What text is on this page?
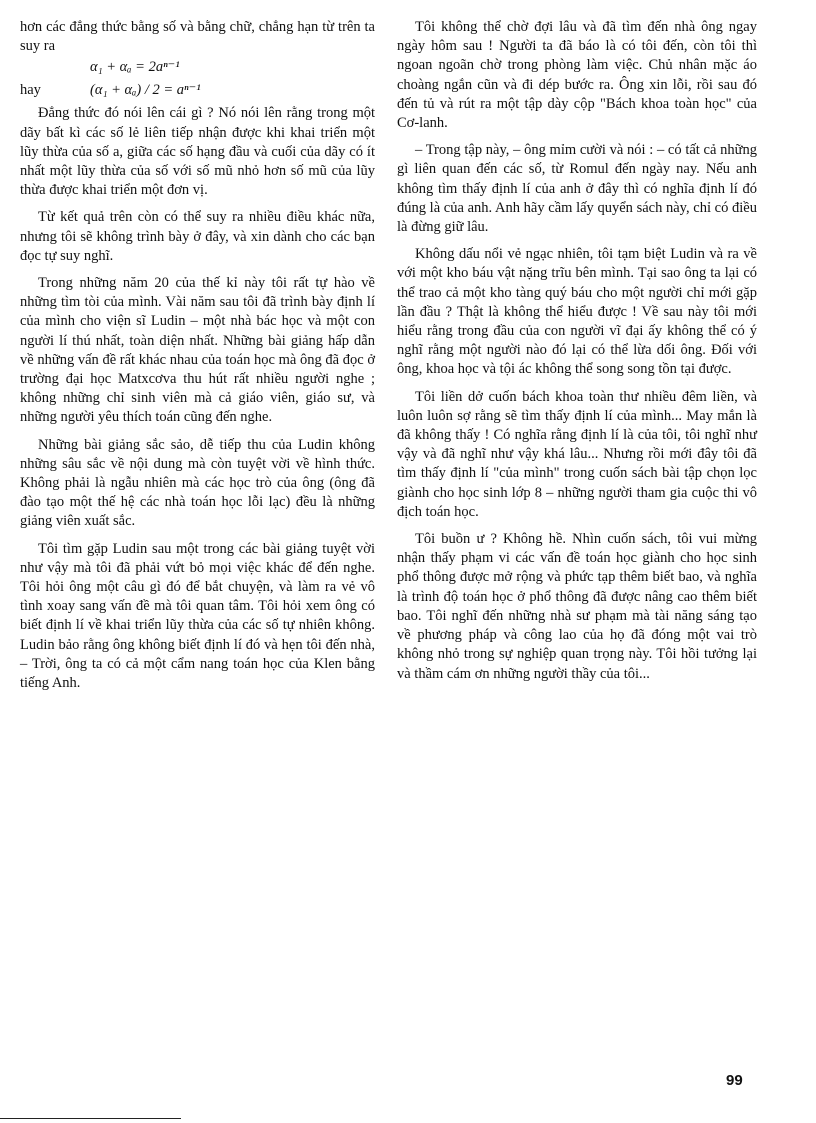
hơn các đẳng thức bằng số và bằng chữ, chẳng hạn từ trên ta suy ra

α₁ + αₐ = 2aⁿ⁻¹
hay	(α₁ + αₐ) / 2 = aⁿ⁻¹

Đẳng thức đó nói lên cái gì ? Nó nói lên rằng trong một dãy bất kì các số lẻ liên tiếp nhận được khi khai triển một lũy thừa của số a, giữa các số hạng đầu và cuối của dãy có ít nhất một lũy thừa của số với số mũ nhỏ hơn số mũ của lũy thừa được khai triển một đơn vị.

Từ kết quả trên còn có thể suy ra nhiều điều khác nữa, nhưng tôi sẽ không trình bày ở đây, và xin dành cho các bạn đọc tự suy nghĩ.

Trong những năm 20 của thế kỉ này tôi rất tự hào về những tìm tòi của mình. Vài năm sau tôi đã trình bày định lí của mình cho viện sĩ Ludin – một nhà bác học và một con người lí thú nhất, toàn diện nhất. Những bài giảng hấp dẫn về những vấn đề rất khác nhau của toán học mà ông đã đọc ở trường đại học Matxcơva thu hút rất nhiều người nghe ; không những chỉ sinh viên mà cả giáo viên, giáo sư, và những người yêu thích toán cũng đến nghe.

Những bài giảng sắc sảo, dễ tiếp thu của Ludin không những sâu sắc về nội dung mà còn tuyệt vời về hình thức. Không phải là ngẫu nhiên mà các học trò của ông (ông đã đào tạo một thế hệ các nhà toán học lỗi lạc) đều là những giảng viên xuất sắc.

Tôi tìm gặp Ludin sau một trong các bài giảng tuyệt vời như vậy mà tôi đã phải vứt bỏ mọi việc khác để đến nghe. Tôi hỏi ông một câu gì đó để bắt chuyện, và làm ra vẻ vô tình xoay sang vấn đề mà tôi quan tâm. Tôi hỏi xem ông có biết định lí về khai triển lũy thừa của các số tự nhiên không. Ludin bảo rằng ông không biết định lí đó và hẹn tôi đến nhà, – Trời, ông ta có cả một cẩm nang toán học của Klen bằng tiếng Anh.

Tôi không thể chờ đợi lâu và đã tìm đến nhà ông ngay ngày hôm sau ! Người ta đã báo là có tôi đến, còn tôi thì ngoan ngoãn chờ trong phòng làm việc. Chủ nhân mặc áo choàng ngắn cũn và đi dép bước ra. Ông xin lỗi, rồi sau đó đến tủ và rút ra một tập dày cộp "Bách khoa toàn học" của Cơ-lanh.

– Trong tập này, – ông mỉm cười và nói : – có tất cả những gì liên quan đến các số, từ Romul đến ngày nay. Nếu anh không tìm thấy định lí của anh ở đây thì có nghĩa định lí đó đúng là của anh. Anh hãy cầm lấy quyển sách này, chỉ có điều là đừng giữ lâu.

Không dấu nổi vẻ ngạc nhiên, tôi tạm biệt Ludin và ra về với một kho báu vật nặng trĩu bên mình. Tại sao ông ta lại có thể trao cả một kho tàng quý báu cho một người chỉ mới gặp lần đầu ? Thật là không thể hiểu được ! Về sau này tôi mới hiểu rằng trong đầu của con người vĩ đại ấy không thể có ý nghĩ rằng một người nào đó lại có thể lừa dối ông. Đối với ông, khoa học và tội ác không thể song song tồn tại được.

Tôi liền dở cuốn bách khoa toàn thư nhiều đêm liền, và luôn luôn sợ rằng sẽ tìm thấy định lí của mình... May mắn là đã không thấy ! Có nghĩa rằng định lí là của tôi, tôi nghĩ như vậy và đã nghĩ như vậy khá lâu... Nhưng rồi mới đây tôi đã tìm thấy định lí "của mình" trong cuốn sách bài tập chọn lọc giành cho học sinh lớp 8 – những người tham gia cuộc thi vô địch toán học.

Tôi buồn ư ? Không hề. Nhìn cuốn sách, tôi vui mừng nhận thấy phạm vi các vấn đề toán học giành cho học sinh phổ thông được mở rộng và phức tạp thêm biết bao, và nghĩa là trình độ toán học ở phổ thông đã được nâng cao thêm biết bao. Tôi nghĩ đến những nhà sư phạm mà tài năng sáng tạo về phương pháp và công lao của họ đã đóng một vai trò không nhỏ trong sự nghiệp quan trọng này. Tôi hồi tưởng lại và thầm cám ơn những người thầy của tôi...

99
